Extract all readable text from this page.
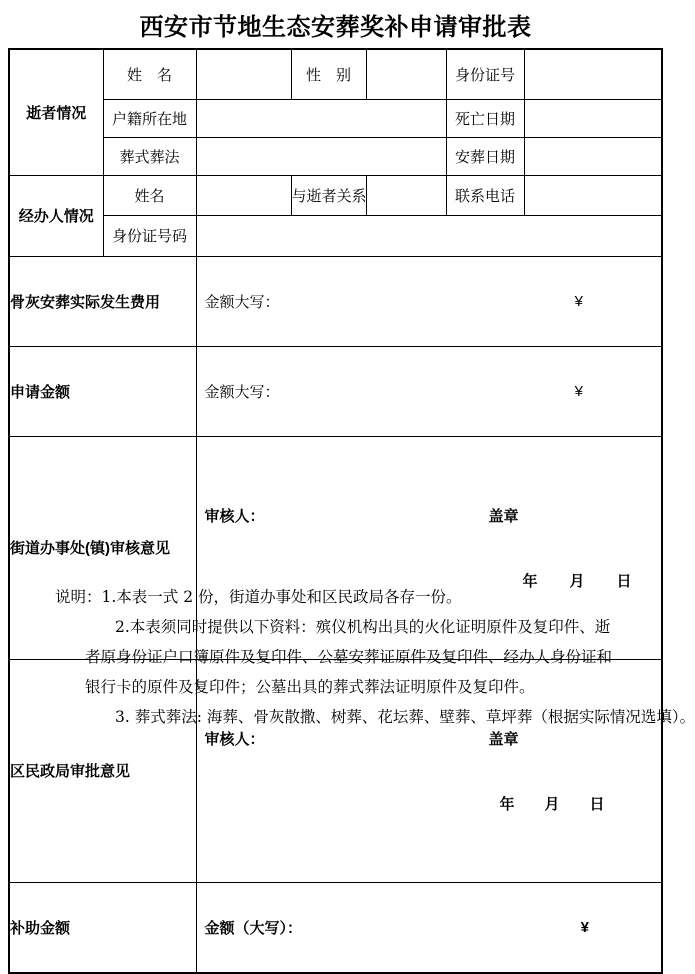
西安市节地生态安葬奖补申请审批表
逝者情况	姓　名		性　别		身份证号	
	户籍所在地				死亡日期	
	葬式葬法				安葬日期	
经办人情况	姓名		与逝者关系		联系电话	
	身份证号码					
骨灰安葬实际发生费用		金额大写： ¥				

申请金额		金额大写： ¥				

街道办事处(镇)审核意见		审核人： 盖章

年 月 日				

区民政局审批意见		审核人： 盖章

年 月 日				

补助金额		金额（大写）： ¥				

说明：1.本表一式 2 份，街道办事处和区民政局各存一份。
2.本表须同时提供以下资料：殡仪机构出具的火化证明原件及复印件、逝
者原身份证户口簿原件及复印件、公墓安葬证原件及复印件、经办人身份证和
银行卡的原件及复印件；公墓出具的葬式葬法证明原件及复印件。
3. 葬式葬法: 海葬、骨灰散撒、树葬、花坛葬、壁葬、草坪葬（根据实际情况选填）。
